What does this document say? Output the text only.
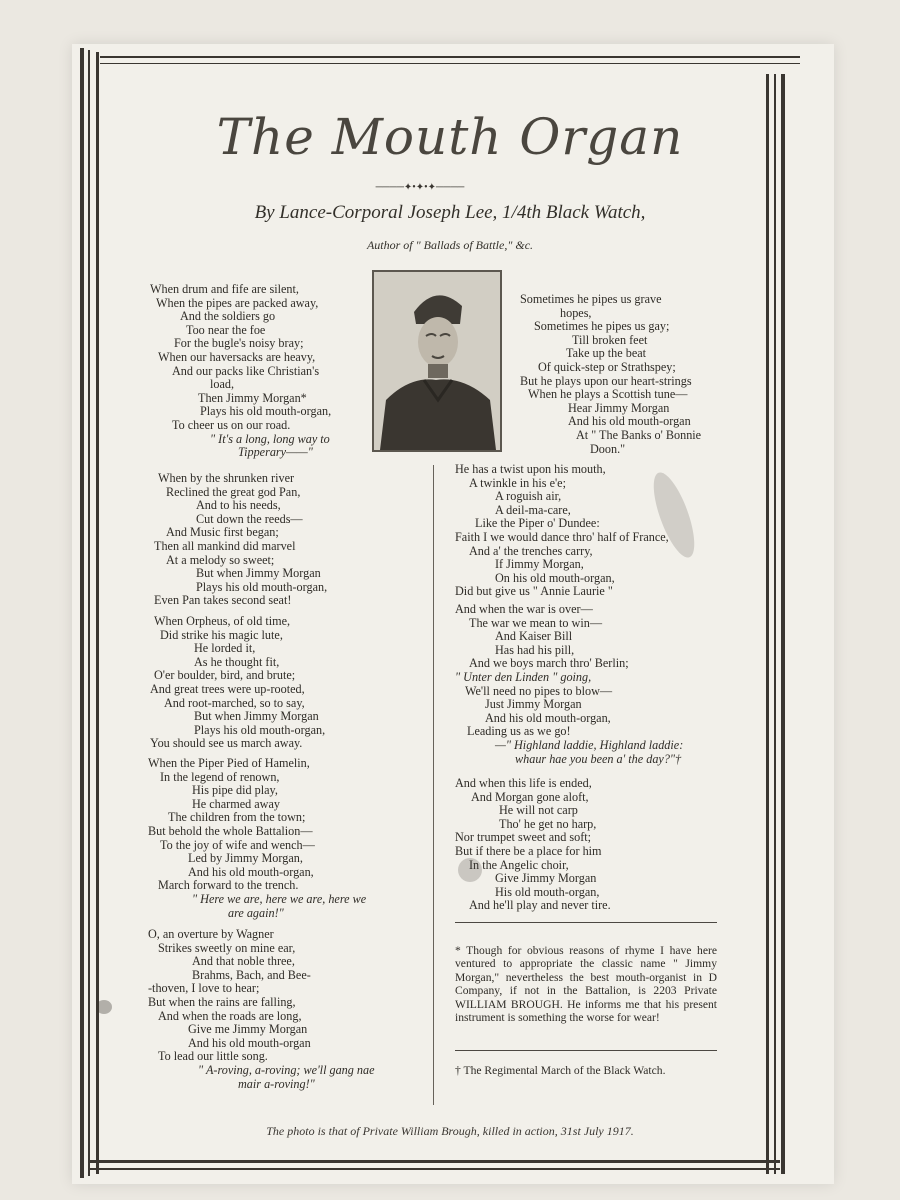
The Mouth Organ
────✦•✦•✦────
By Lance-Corporal Joseph Lee, 1/4th Black Watch,
Author of " Ballads of Battle," &c.
When drum and fife are silent,
When the pipes are packed away,
And the soldiers go
Too near the foe
For the bugle's noisy bray;
When our haversacks are heavy,
And our packs like Christian's
load,
Then Jimmy Morgan*
Plays his old mouth-organ,
To cheer us on our road.
" It's a long, long way to
Tipperary——"
When by the shrunken river
Reclined the great god Pan,
And to his needs,
Cut down the reeds—
And Music first began;
Then all mankind did marvel
At a melody so sweet;
But when Jimmy Morgan
Plays his old mouth-organ,
Even Pan takes second seat!
When Orpheus, of old time,
Did strike his magic lute,
He lorded it,
As he thought fit,
O'er boulder, bird, and brute;
And great trees were up-rooted,
And root-marched, so to say,
But when Jimmy Morgan
Plays his old mouth-organ,
You should see us march away.
When the Piper Pied of Hamelin,
In the legend of renown,
His pipe did play,
He charmed away
The children from the town;
But behold the whole Battalion—
To the joy of wife and wench—
Led by Jimmy Morgan,
And his old mouth-organ,
March forward to the trench.
" Here we are, here we are, here we
are again!"
O, an overture by Wagner
Strikes sweetly on mine ear,
And that noble three,
Brahms, Bach, and Bee-
-thoven, I love to hear;
But when the rains are falling,
And when the roads are long,
Give me Jimmy Morgan
And his old mouth-organ
To lead our little song.
" A-roving, a-roving; we'll gang nae
mair a-roving!"
Sometimes he pipes us grave
hopes,
Sometimes he pipes us gay;
Till broken feet
Take up the beat
Of quick-step or Strathspey;
But he plays upon our heart-strings
When he plays a Scottish tune—
Hear Jimmy Morgan
And his old mouth-organ
At " The Banks o' Bonnie
Doon."
He has a twist upon his mouth,
A twinkle in his e'e;
A roguish air,
A deil-ma-care,
Like the Piper o' Dundee:
Faith I we would dance thro' half of France,
And a' the trenches carry,
If Jimmy Morgan,
On his old mouth-organ,
Did but give us " Annie Laurie "
And when the war is over—
The war we mean to win—
And Kaiser Bill
Has had his pill,
And we boys march thro' Berlin;
" Unter den Linden " going,
We'll need no pipes to blow—
Just Jimmy Morgan
And his old mouth-organ,
Leading us as we go!
—" Highland laddie, Highland laddie:
whaur hae you been a' the day?"†
And when this life is ended,
And Morgan gone aloft,
He will not carp
Tho' he get no harp,
Nor trumpet sweet and soft;
But if there be a place for him
In the Angelic choir,
Give Jimmy Morgan
His old mouth-organ,
And he'll play and never tire.
* Though for obvious reasons of rhyme I have here ventured to appropriate the classic name " Jimmy Morgan," nevertheless the best mouth-organist in D Company, if not in the Battalion, is 2203 Private WILLIAM BROUGH. He informs me that his present instrument is something the worse for wear!
† The Regimental March of the Black Watch.
The photo is that of Private William Brough, killed in action, 31st July 1917.
